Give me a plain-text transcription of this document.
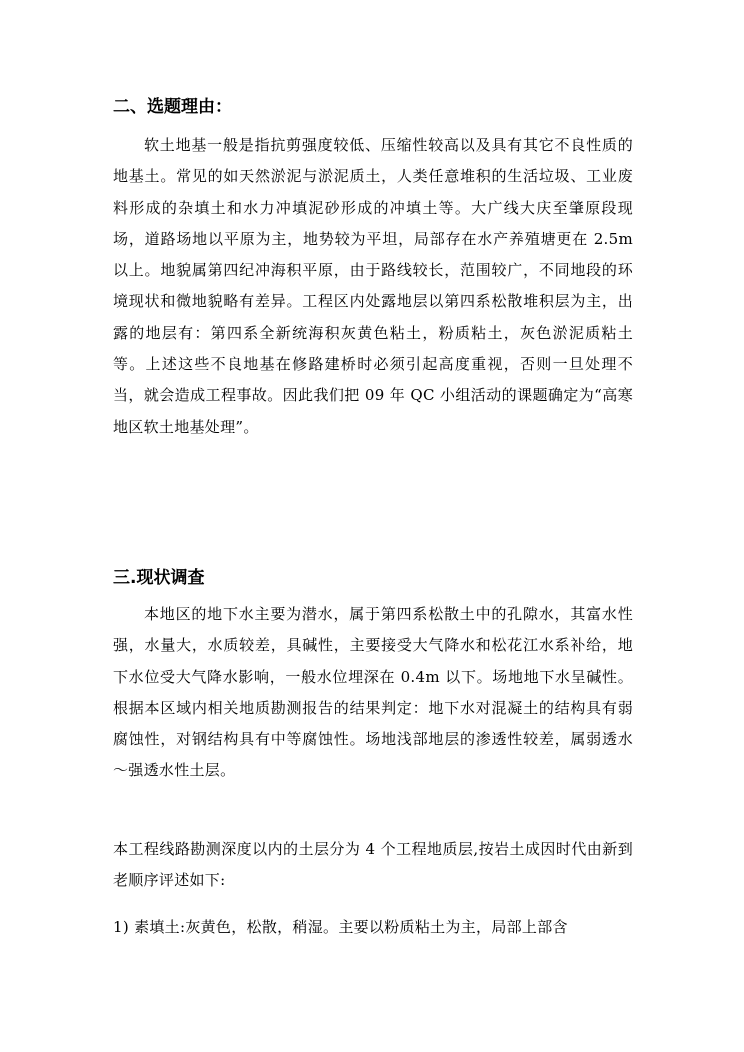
二、选题理由：

软土地基一般是指抗剪强度较低、压缩性较高以及具有其它不良性质的地基土。常见的如天然淤泥与淤泥质土，人类任意堆积的生活垃圾、工业废料形成的杂填土和水力冲填泥砂形成的冲填土等。大广线大庆至肇原段现场，道路场地以平原为主，地势较为平坦，局部存在水产养殖塘更在 2.5m 以上。地貌属第四纪冲海积平原，由于路线较长，范围较广，不同地段的环境现状和微地貌略有差异。工程区内处露地层以第四系松散堆积层为主，出露的地层有：第四系全新统海积灰黄色粘土，粉质粘土，灰色淤泥质粘土等。上述这些不良地基在修路建桥时必须引起高度重视，否则一旦处理不当，就会造成工程事故。因此我们把 09 年 QC 小组活动的课题确定为“高寒地区软土地基处理”。

三.现状调查

本地区的地下水主要为潜水，属于第四系松散土中的孔隙水，其富水性强，水量大，水质较差，具碱性，主要接受大气降水和松花江水系补给，地下水位受大气降水影响，一般水位埋深在 0.4m 以下。场地地下水呈碱性。根据本区域内相关地质勘测报告的结果判定：地下水对混凝土的结构具有弱腐蚀性，对钢结构具有中等腐蚀性。场地浅部地层的渗透性较差，属弱透水～强透水性土层。

本工程线路勘测深度以内的土层分为 4 个工程地质层,按岩土成因时代由新到老顺序评述如下:

1) 素填土:灰黄色，松散，稍湿。主要以粉质粘土为主，局部上部含
